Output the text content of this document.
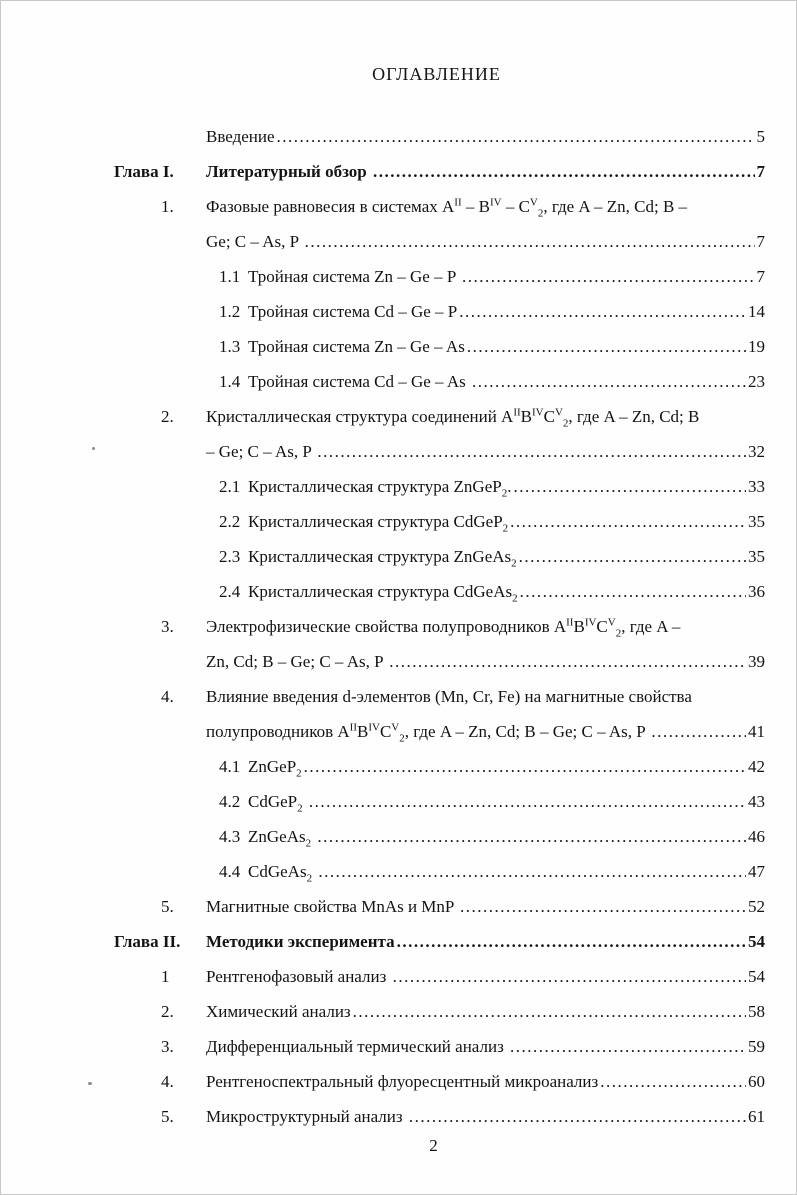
ОГЛАВЛЕНИЕ
Введение .....	5
Глава I. Литературный обзор .....	7
1. Фазовые равновесия в системах $A^{II} - B^{IV} - C^V_2$, где A – Zn, Cd; B –
Ge; C – As, P .....	7
1.1 Тройная система Zn – Ge – P .....	7
1.2 Тройная система Cd – Ge – P .....	14
1.3 Тройная система Zn – Ge – As .....	19
1.4 Тройная система Cd – Ge – As .....	23
2. Кристаллическая структура соединений $A^{II}B^{IV}C^V_2$, где A – Zn, Cd; B
– Ge; C – As, P .....	32
2.1 Кристаллическая структура ZnGeP$_2$. .....	33
2.2 Кристаллическая структура CdGeP$_2$ .....	35
2.3 Кристаллическая структура ZnGeAs$_2$ .....	35
2.4 Кристаллическая структура CdGeAs$_2$ .....	36
3. Электрофизические свойства полупроводников $A^{II}B^{IV}C^V_2$, где A –
Zn, Cd; B – Ge; C – As, P .....	39
4. Влияние введения d-элементов (Mn, Cr, Fe) на магнитные свойства
полупроводников $A^{II}B^{IV}C^V_2$, где A – Zn, Cd; B – Ge; C – As, P .....	41
4.1 ZnGeP$_2$ .....	42
4.2 CdGeP$_2$ .....	43
4.3 ZnGeAs$_2$ .....	46
4.4 CdGeAs$_2$ .....	47
5. Магнитные свойства MnAs и MnP .....	52
Глава II. Методики эксперимента .....	54
1 Рентгенофазовый анализ .....	54
2. Химический анализ .....	58
3. Дифференциальный термический анализ .....	59
4. Рентгеноспектральный флуоресцентный микроанализ .....	60
5. Микроструктурный анализ .....	61
2
